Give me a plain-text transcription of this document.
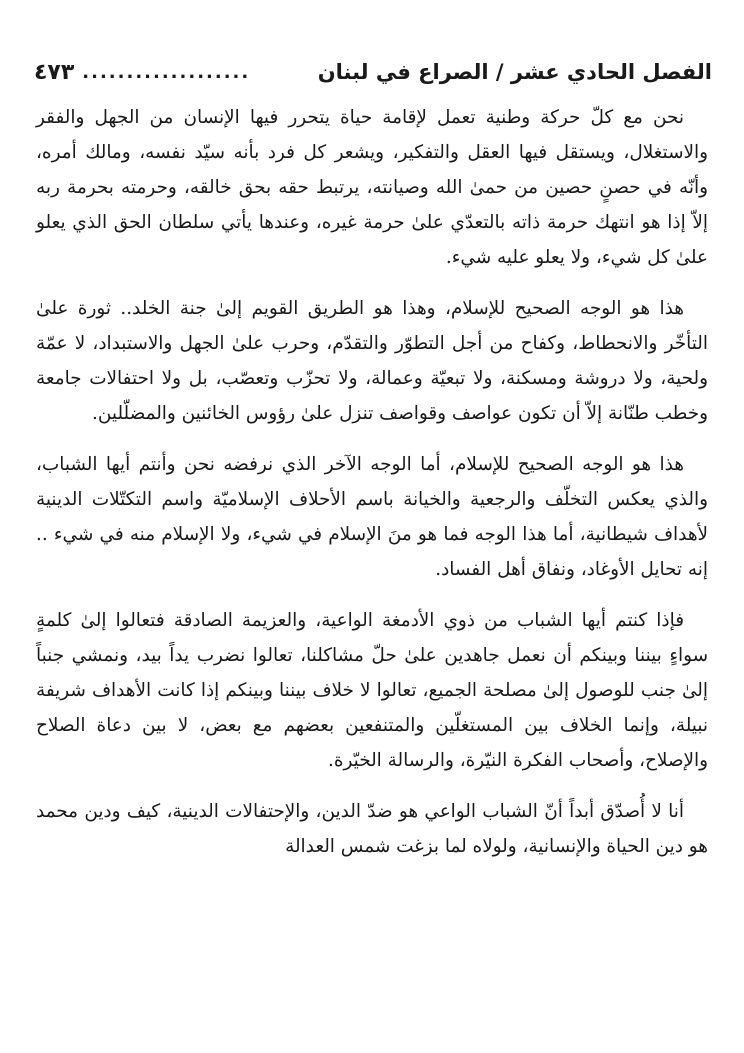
الفصل الحادي عشر / الصراع في لبنان
...................
٤٧٣

نحن مع كلّ حركة وطنية تعمل لإقامة حياة يتحرر فيها الإنسان من الجهل والفقر والاستغلال، ويستقل فيها العقل والتفكير، ويشعر كل فرد بأنه سيّد نفسه، ومالك أمره، وأنّه في حصنٍ حصين من حمىٰ الله وصيانته، يرتبط حقه بحق خالقه، وحرمته بحرمة ربه إلاّ إذا هو انتهك حرمة ذاته بالتعدّي علىٰ حرمة غيره، وعندها يأتي سلطان الحق الذي يعلو علىٰ كل شيء، ولا يعلو عليه شيء.

هذا هو الوجه الصحيح للإسلام، وهذا هو الطريق القويم إلىٰ جنة الخلد.. ثورة علىٰ التأخّر والانحطاط، وكفاح من أجل التطوّر والتقدّم، وحرب علىٰ الجهل والاستبداد، لا عمّة ولحية، ولا دروشة ومسكنة، ولا تبعيّة وعمالة، ولا تحزّب وتعصّب، بل ولا احتفالات جامعة وخطب طنّانة إلاّ أن تكون عواصف وقواصف تنزل علىٰ رؤوس الخائنين والمضلّلين.

هذا هو الوجه الصحيح للإسلام، أما الوجه الآخر الذي نرفضه نحن وأنتم أيها الشباب، والذي يعكس التخلّف والرجعية والخيانة باسم الأحلاف الإسلاميّة واسم التكتّلات الدينية لأهداف شيطانية، أما هذا الوجه فما هو منَ الإسلام في شيء، ولا الإسلام منه في شيء .. إنه تحايل الأوغاد، ونفاق أهل الفساد.

فإذا كنتم أيها الشباب من ذوي الأدمغة الواعية، والعزيمة الصادقة فتعالوا إلىٰ كلمةٍ سواءٍ بيننا وبينكم أن نعمل جاهدين علىٰ حلّ مشاكلنا، تعالوا نضرب يداً بيد، ونمشي جنباً إلىٰ جنب للوصول إلىٰ مصلحة الجميع، تعالوا لا خلاف بيننا وبينكم إذا كانت الأهداف شريفة نبيلة، وإنما الخلاف بين المستغلّين والمتنفعين بعضهم مع بعض، لا بين دعاة الصلاح والإصلاح، وأصحاب الفكرة النيّرة، والرسالة الخيّرة.

أنا لا أُصدّق أبداً أنّ الشباب الواعي هو ضدّ الدين، والإحتفالات الدينية، كيف ودين محمد هو دين الحياة والإنسانية، ولولاه لما بزغت شمس العدالة
